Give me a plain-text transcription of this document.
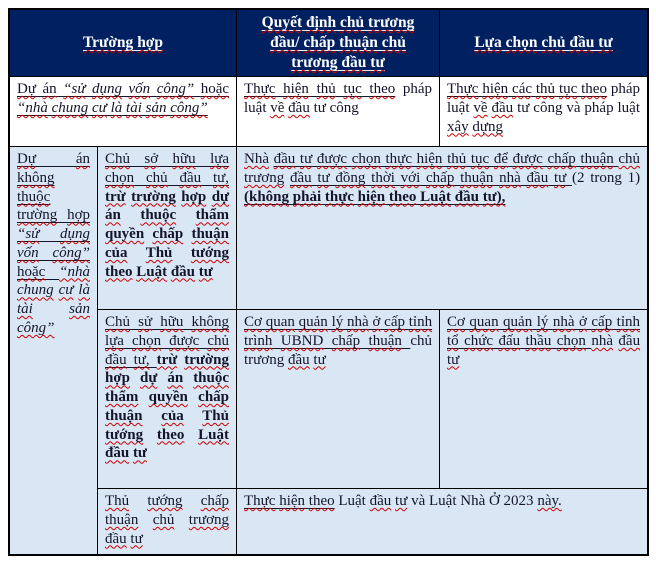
Trường hợp
Quyết định chủ trương đầu/ chấp thuận chủ trương đầu tư
Lựa chọn chủ đầu tư
Dự án “sử dụng vốn công” hoặc “nhà chung cư là tài sản công”
Thực hiện thủ tục theo pháp luật về đầu tư công
Thực hiện các thủ tục theo pháp luật về đầu tư công và pháp luật xây dựng
Dự	án không thuộc trường hợp “sử dụng vốn công” hoặc “nhà chung cư là tài sản công”
Chủ sở hữu lựa chọn chủ đầu tư, trừ trường hợp dự án thuộc thẩm quyền chấp thuận của Thủ tướng theo Luật đầu tư
Nhà đầu tư được chọn thực hiện thủ tục để được chấp thuận chủ trương đầu tư đồng thời với chấp thuận nhà đầu tư (2 trong 1) (không phải thực hiện theo Luật đầu tư),
Chủ sử hữu không lựa chọn được chủ đầu tư, trừ trường hợp dự án thuộc thẩm quyền chấp thuận của Thủ tướng theo Luật đầu tư
Cơ quan quản lý nhà ở cấp tỉnh trình UBND chấp thuận chủ trương đầu tư
Cơ quan quản lý nhà ở cấp tỉnh tổ chức đấu thầu chọn nhà đầu tư
Thủ tướng chấp thuận chủ trương đầu tư
Thực hiện theo Luật đầu tư và Luật Nhà Ở 2023 này.
